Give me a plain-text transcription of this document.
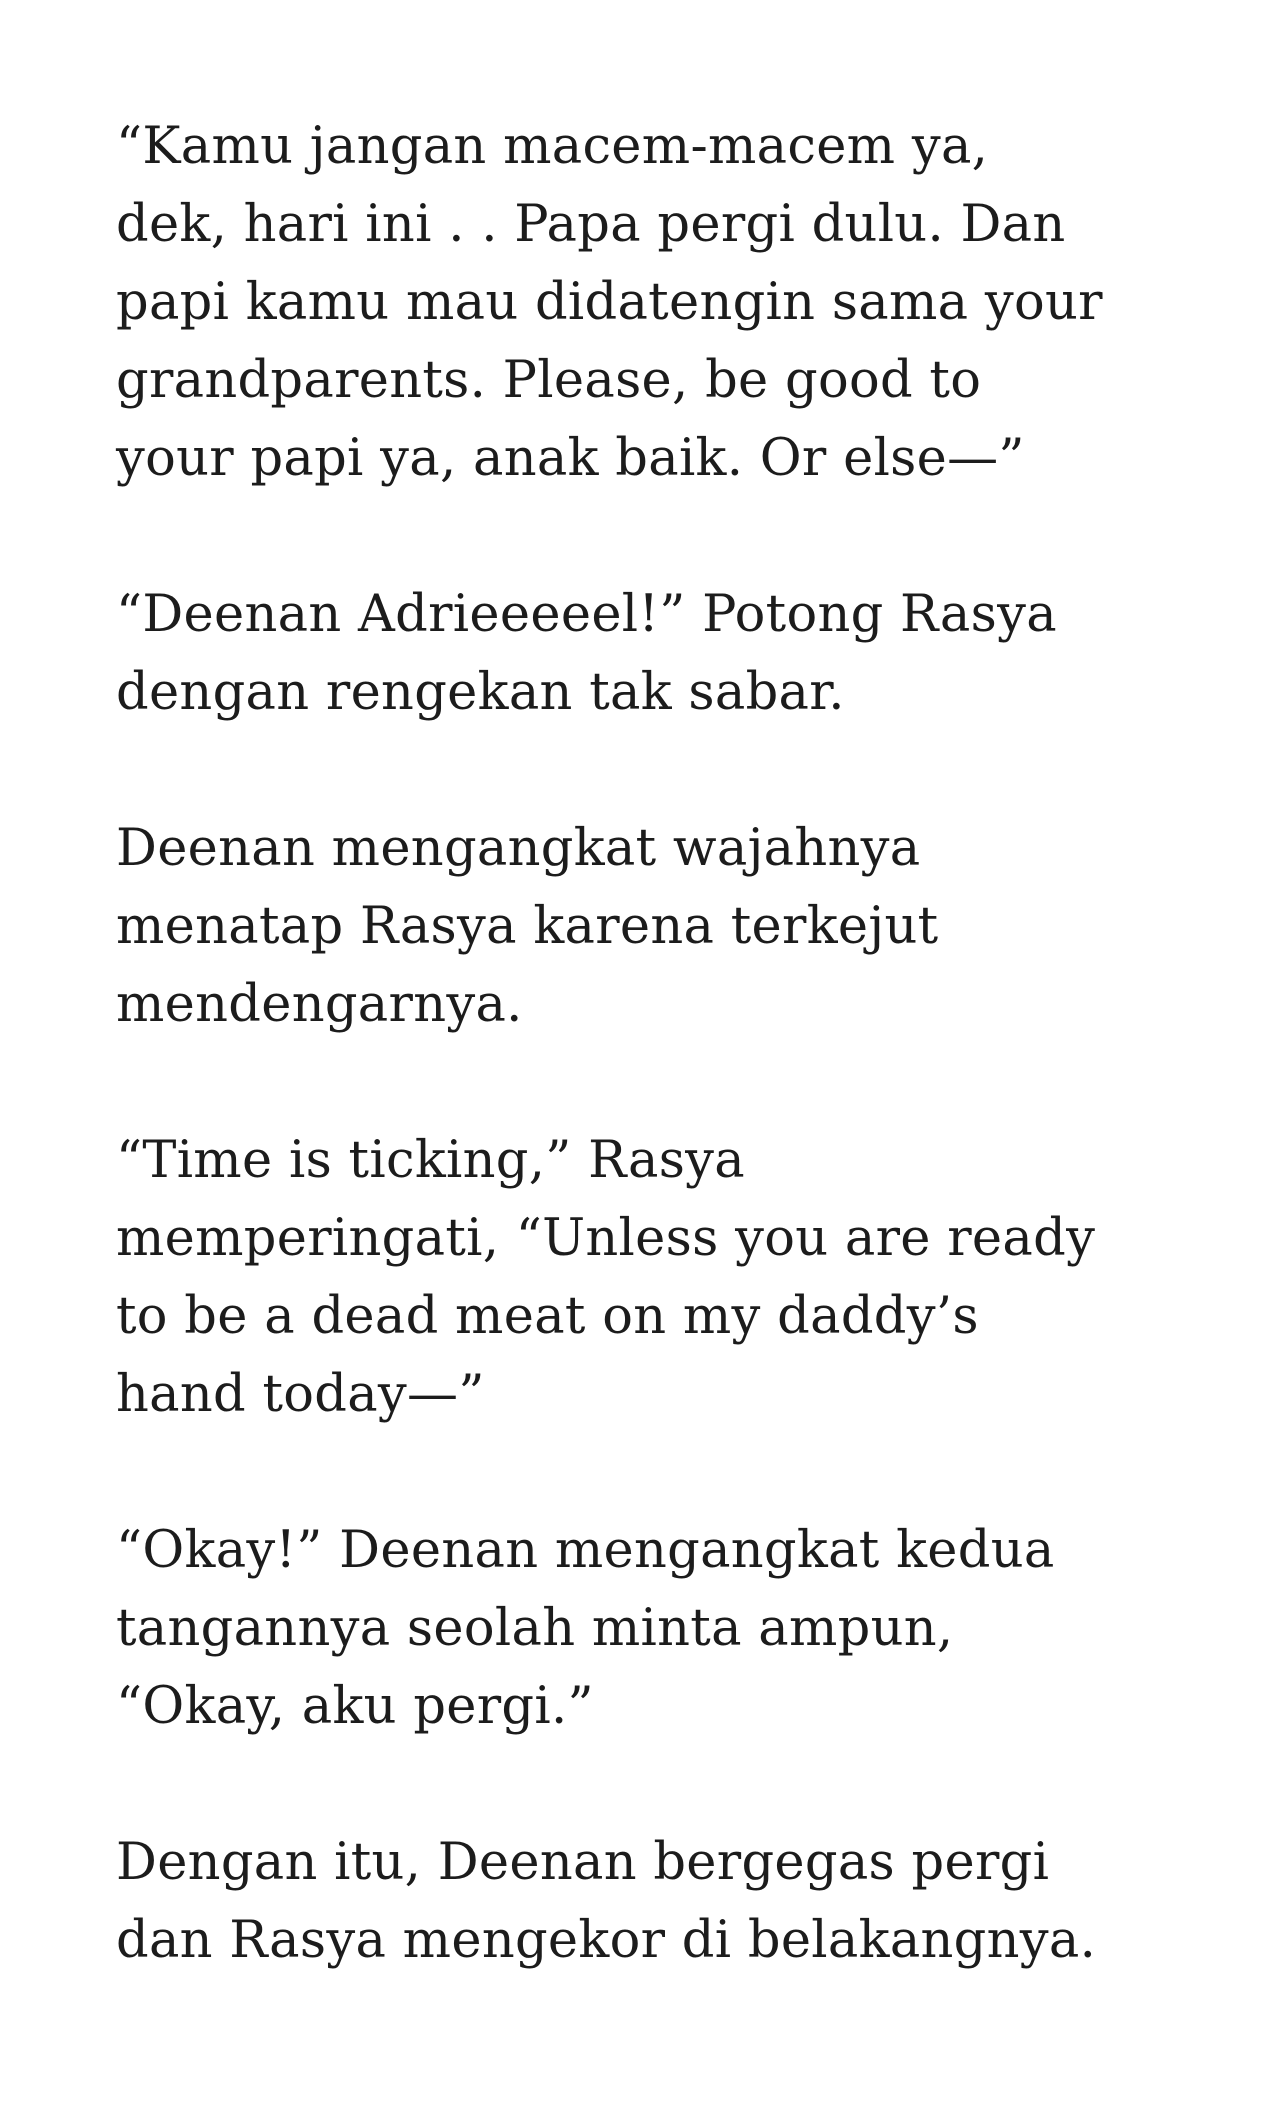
“Kamu jangan macem-macem ya,
dek, hari ini . . Papa pergi dulu. Dan
papi kamu mau didatengin sama your
grandparents. Please, be good to
your papi ya, anak baik. Or else—”

“Deenan Adrieeeeel!” Potong Rasya
dengan rengekan tak sabar.

Deenan mengangkat wajahnya
menatap Rasya karena terkejut
mendengarnya.

“Time is ticking,” Rasya
memperingati, “Unless you are ready
to be a dead meat on my daddy’s
hand today—”

“Okay!” Deenan mengangkat kedua
tangannya seolah minta ampun,
“Okay, aku pergi.”

Dengan itu, Deenan bergegas pergi
dan Rasya mengekor di belakangnya.
